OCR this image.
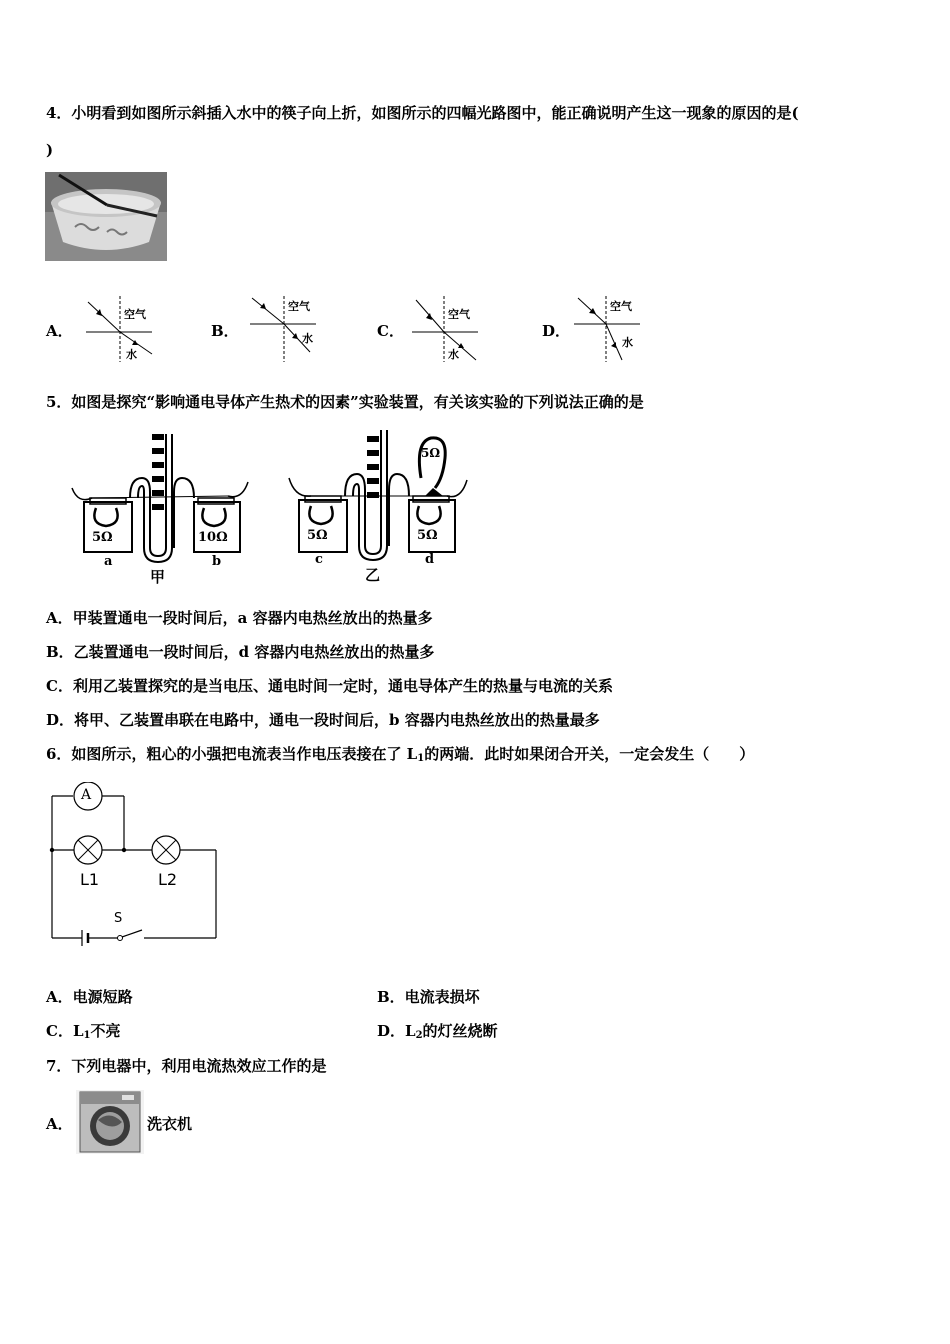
4．小明看到如图所示斜插入水中的筷子向上折，如图所示的四幅光路图中，能正确说明产生这一现象的原因的是(
)
A．
空气
水
B．
空气
水	C．
空气
水
D．
空气
水
5．如图是探究“影响通电导体产生热术的因素”实验装置，有关该实验的下列说法正确的是
5Ω	10Ω
a	b
甲
5Ω
5Ω	5Ω
c	d
乙
A．甲装置通电一段时间后，a 容器内电热丝放出的热量多
B．乙装置通电一段时间后，d 容器内电热丝放出的热量多
C．利用乙装置探究的是当电压、通电时间一定时，通电导体产生的热量与电流的关系
D．将甲、乙装置串联在电路中，通电一段时间后，b 容器内电热丝放出的热量最多
6．如图所示，粗心的小强把电流表当作电压表接在了 $L_1$的两端．此时如果闭合开关，一定会发生（　　）
A
L1	L2
S
A．电源短路	B．电流表损坏
C．$L_1$不亮	D．$L_2$的灯丝烧断
7．下列电器中，利用电流热效应工作的是
A．	洗衣机
